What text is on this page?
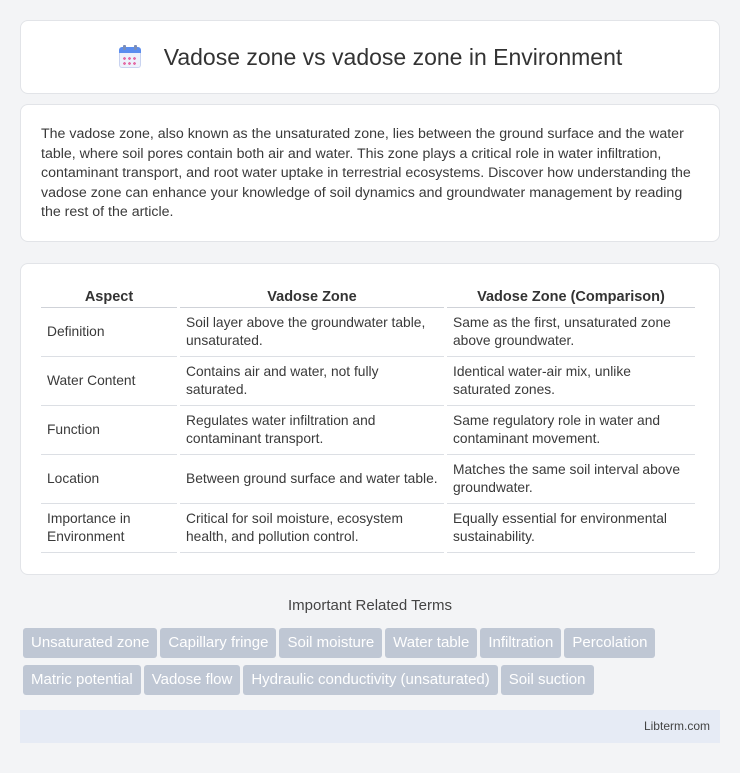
Vadose zone vs vadose zone in Environment

The vadose zone, also known as the unsaturated zone, lies between the ground surface and the water table, where soil pores contain both air and water. This zone plays a critical role in water infiltration, contaminant transport, and root water uptake in terrestrial ecosystems. Discover how understanding the vadose zone can enhance your knowledge of soil dynamics and groundwater management by reading the rest of the article.

Aspect	Vadose Zone	Vadose Zone (Comparison)
Definition	Soil layer above the groundwater table, unsaturated.	Same as the first, unsaturated zone above groundwater.
Water Content	Contains air and water, not fully saturated.	Identical water-air mix, unlike saturated zones.
Function	Regulates water infiltration and contaminant transport.	Same regulatory role in water and contaminant movement.
Location	Between ground surface and water table.	Matches the same soil interval above groundwater.
Importance in Environment	Critical for soil moisture, ecosystem health, and pollution control.	Equally essential for environmental sustainability.
Important Related Terms
Unsaturated zone Capillary fringe Soil moisture Water table Infiltration PercolationMatric potential Vadose flow Hydraulic conductivity (unsaturated) Soil suction
Libterm.com
